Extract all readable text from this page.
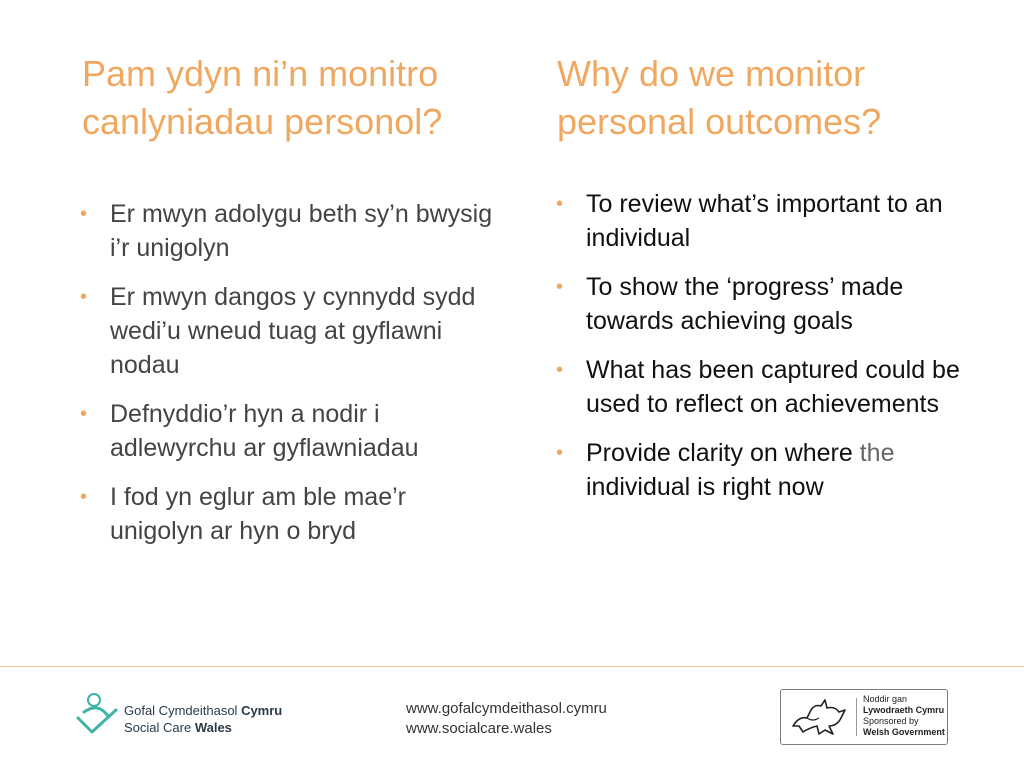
Pam ydyn ni’n monitro
canlyniadau personol?
Why do we monitor
personal outcomes?
• Er mwyn adolygu beth sy’n bwysig i’r unigolyn
• Er mwyn dangos y cynnydd sydd wedi’u wneud tuag at gyflawni nodau
• Defnyddio’r hyn a nodir i adlewyrchu ar gyflawniadau
• I fod yn eglur am ble mae’r unigolyn ar hyn o bryd
• To review what’s important to an individual
• To show the ‘progress’ made towards achieving goals
• What has been captured could be used to reflect on achievements
• Provide clarity on where the individual is right now
Gofal Cymdeithasol Cymru
Social Care Wales
www.gofalcymdeithasol.cymru
www.socialcare.wales
Noddir gan
Lywodraeth Cymru
Sponsored by
Welsh Government
